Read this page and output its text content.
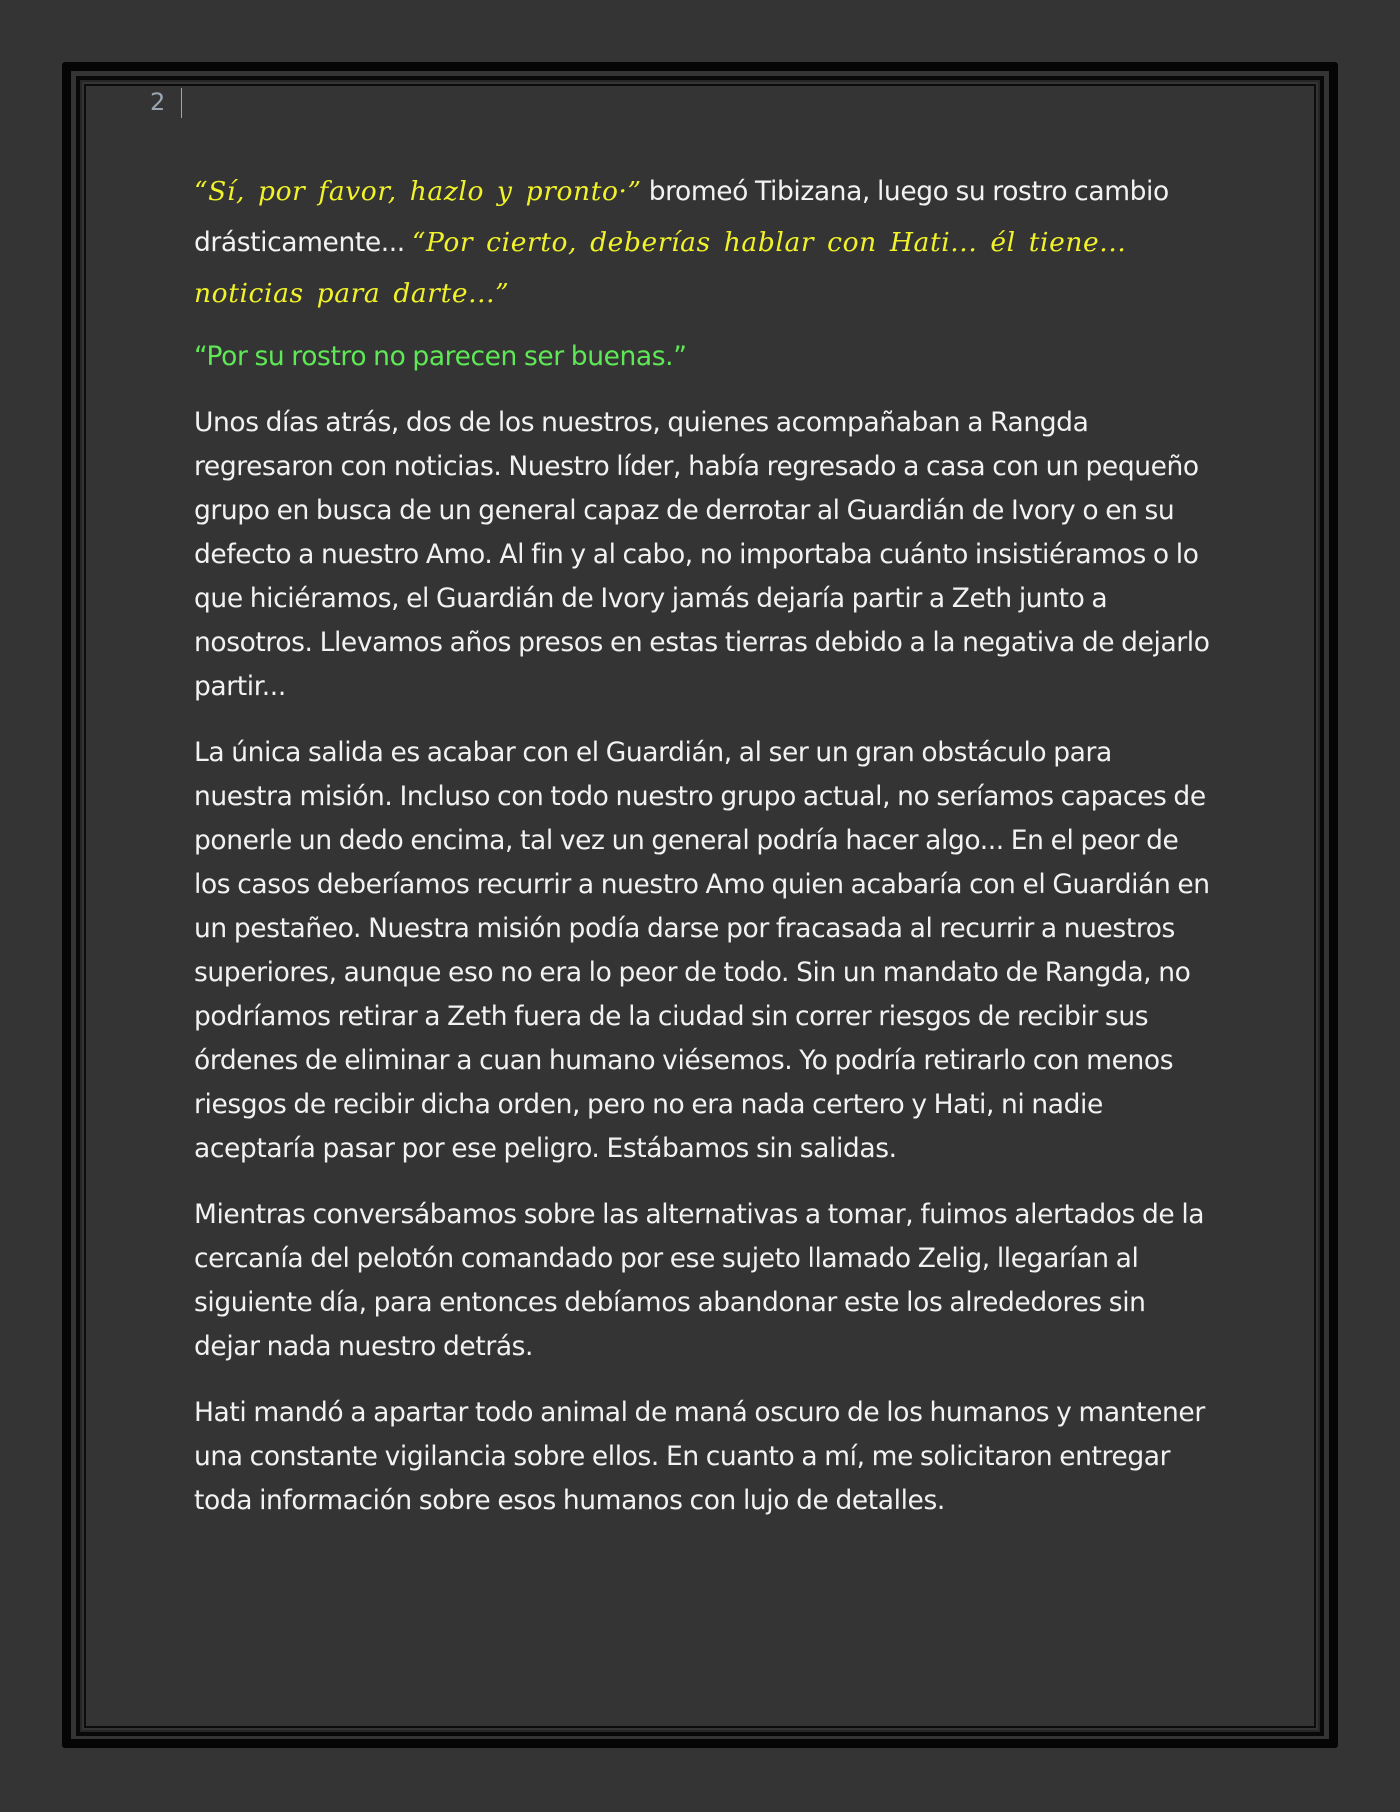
2

“Sí, por favor, hazlo y pronto·” bromeó Tibizana, luego su rostro cambio drásticamente... “Por cierto, deberías hablar con Hati... él tiene... noticias para darte...”

“Por su rostro no parecen ser buenas.”

Unos días atrás, dos de los nuestros, quienes acompañaban a Rangda regresaron con noticias. Nuestro líder, había regresado a casa con un pequeño grupo en busca de un general capaz de derrotar al Guardián de Ivory o en su defecto a nuestro Amo. Al fin y al cabo, no importaba cuánto insistiéramos o lo que hiciéramos, el Guardián de Ivory jamás dejaría partir a Zeth junto a nosotros. Llevamos años presos en estas tierras debido a la negativa de dejarlo partir...

La única salida es acabar con el Guardián, al ser un gran obstáculo para nuestra misión. Incluso con todo nuestro grupo actual, no seríamos capaces de ponerle un dedo encima, tal vez un general podría hacer algo... En el peor de los casos deberíamos recurrir a nuestro Amo quien acabaría con el Guardián en un pestañeo. Nuestra misión podía darse por fracasada al recurrir a nuestros superiores, aunque eso no era lo peor de todo. Sin un mandato de Rangda, no podríamos retirar a Zeth fuera de la ciudad sin correr riesgos de recibir sus órdenes de eliminar a cuan humano viésemos. Yo podría retirarlo con menos riesgos de recibir dicha orden, pero no era nada certero y Hati, ni nadie aceptaría pasar por ese peligro. Estábamos sin salidas.

Mientras conversábamos sobre las alternativas a tomar, fuimos alertados de la cercanía del pelotón comandado por ese sujeto llamado Zelig, llegarían al siguiente día, para entonces debíamos abandonar este los alrededores sin dejar nada nuestro detrás.

Hati mandó a apartar todo animal de maná oscuro de los humanos y mantener una constante vigilancia sobre ellos. En cuanto a mí, me solicitaron entregar toda información sobre esos humanos con lujo de detalles.
